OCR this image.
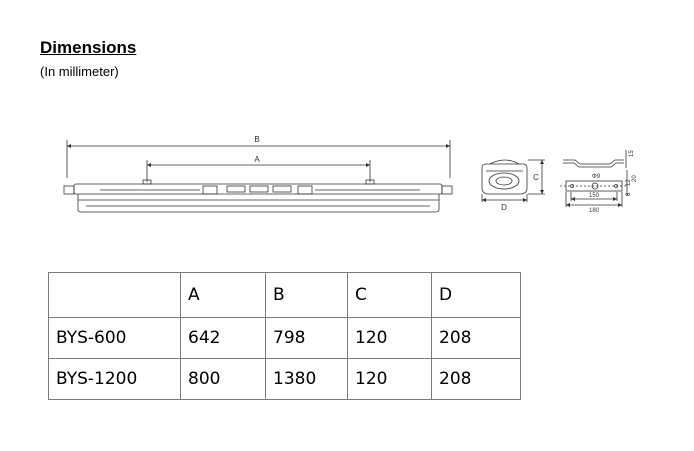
Dimensions
(In millimeter)
B
A
D
C	Φ9
150
180
15
20
12
8
	A	B	C	D
BYS-600	642	798	120	208
BYS-1200	800	1380	120	208
